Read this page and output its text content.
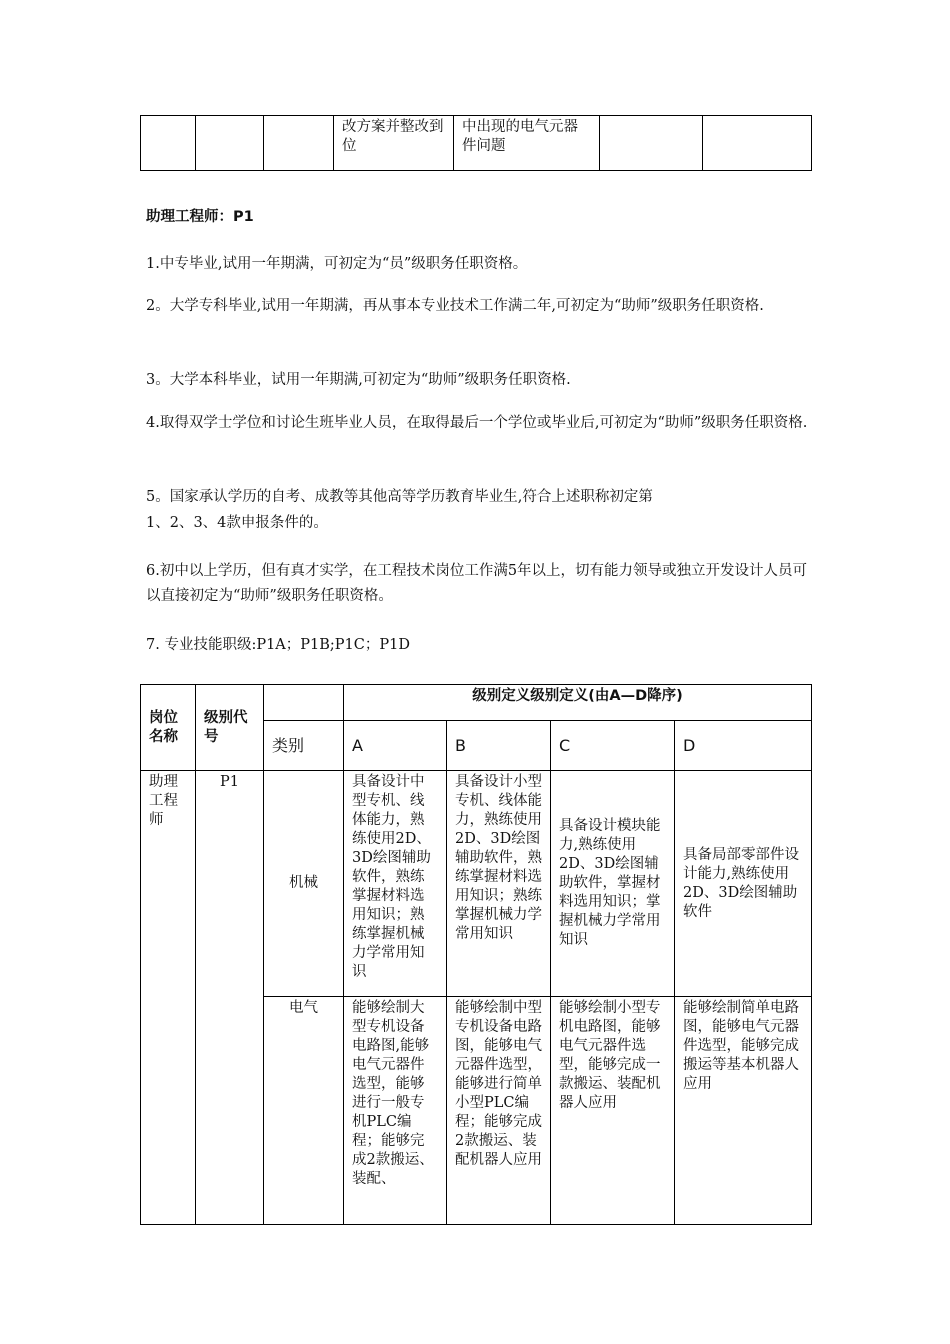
			改方案并整改到位	中出现的电气元器件问题		
助理工程师：P1
1.中专毕业,试用一年期满，可初定为“员”级职务任职资格。
2。大学专科毕业,试用一年期满，再从事本专业技术工作满二年,可初定为“助师”级职务任职资格.
3。大学本科毕业，试用一年期满,可初定为“助师”级职务任职资格.
4.取得双学士学位和讨论生班毕业人员，在取得最后一个学位或毕业后,可初定为“助师”级职务任职资格.
5。国家承认学历的自考、成教等其他高等学历教育毕业生,符合上述职称初定第
1、2、3、4款申报条件的。
6.初中以上学历，但有真才实学，在工程技术岗位工作满5年以上，切有能力领导或独立开发设计人员可以直接初定为“助师”级职务任职资格。
7. 专业技能职级:P1A；P1B;P1C；P1D
岗位名称	级别代号		级别定义级别定义(由A—D降序)			
		类别	A	B	C	D
助理工程师	P1	机械	具备设计中型专机、线体能力，熟练使用2D、3D绘图辅助软件，熟练掌握材料选用知识；熟练掌握机械力学常用知识	具备设计小型专机、线体能力，熟练使用2D、3D绘图辅助软件，熟练掌握材料选用知识；熟练掌握机械力学常用知识	具备设计模块能力,熟练使用2D、3D绘图辅助软件，掌握材料选用知识；掌握机械力学常用知识	具备局部零部件设计能力,熟练使用2D、3D绘图辅助软件
		电气	能够绘制大型专机设备电路图,能够电气元器件选型，能够进行一般专机PLC编程；能够完成2款搬运、装配、	能够绘制中型专机设备电路图，能够电气元器件选型，能够进行简单小型PLC编程；能够完成2款搬运、装配机器人应用	能够绘制小型专机电路图，能够电气元器件选型，能够完成一款搬运、装配机器人应用	能够绘制简单电路图，能够电气元器件选型，能够完成搬运等基本机器人应用
